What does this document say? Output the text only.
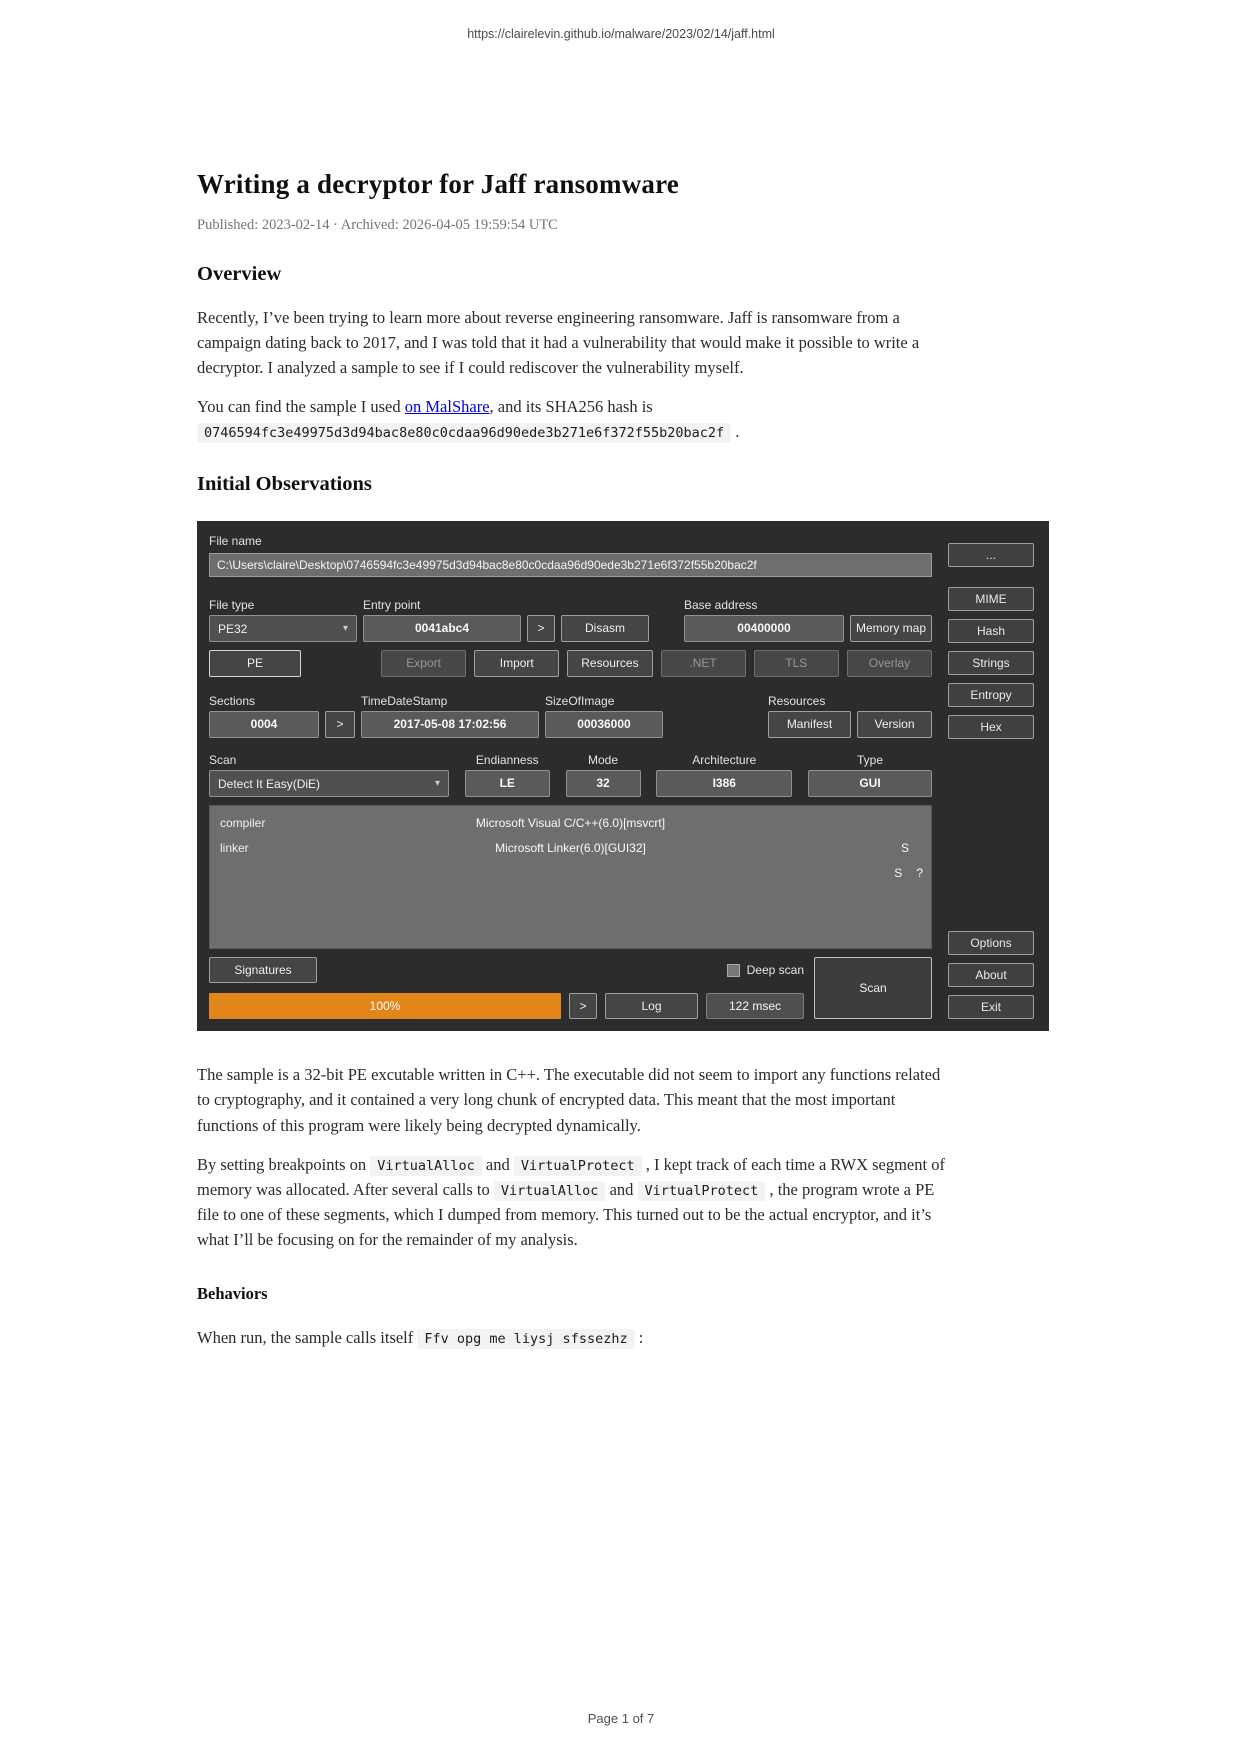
https://clairelevin.github.io/malware/2023/02/14/jaff.html
Writing a decryptor for Jaff ransomware
Published: 2023-02-14 · Archived: 2026-04-05 19:59:54 UTC
Overview

Recently, I’ve been trying to learn more about reverse engineering ransomware. Jaff is ransomware from a campaign dating back to 2017, and I was told that it had a vulnerability that would make it possible to write a decryptor. I analyzed a sample to see if I could rediscover the vulnerability myself.

You can find the sample I used on MalShare, and its SHA256 hash is 0746594fc3e49975d3d94bac8e80c0cdaa96d90ede3b271e6f372f55b20bac2f .

Initial Observations
File name
C:\Users\claire\Desktop\0746594fc3e49975d3d94bac8e80c0cdaa96d90ede3b271e6f372f55b20bac2f
File type	Entry point	Base address
PE32	▾	0041abc4	>	Disasm	00400000	Memory map
PE	Export	Import	Resources	.NET	TLS	Overlay
Sections	TimeDateStamp	SizeOfImage	Resources
0004	>	2017-05-08 17:02:56	00036000	Manifest	Version
Scan	Endianness	Mode	Architecture	Type
Detect It Easy(DiE)	▾	LE	32	I386	GUI
compiler	Microsoft Visual C/C++(6.0)[msvcrt]
S
linker	Microsoft Linker(6.0)[GUI32]
S ?
Signatures	Deep scan
100%	>	Log	122 msec
Scan
...
MIME
Hash
Strings
Entropy
Hex
Options
About
Exit

The sample is a 32-bit PE excutable written in C++. The executable did not seem to import any functions related to cryptography, and it contained a very long chunk of encrypted data. This meant that the most important functions of this program were likely being decrypted dynamically.

By setting breakpoints on VirtualAlloc and VirtualProtect , I kept track of each time a RWX segment of memory was allocated. After several calls to VirtualAlloc and VirtualProtect , the program wrote a PE file to one of these segments, which I dumped from memory. This turned out to be the actual encryptor, and it’s what I’ll be focusing on for the remainder of my analysis.

Behaviors

When run, the sample calls itself Ffv opg me liysj sfssezhz :

Page 1 of 7
